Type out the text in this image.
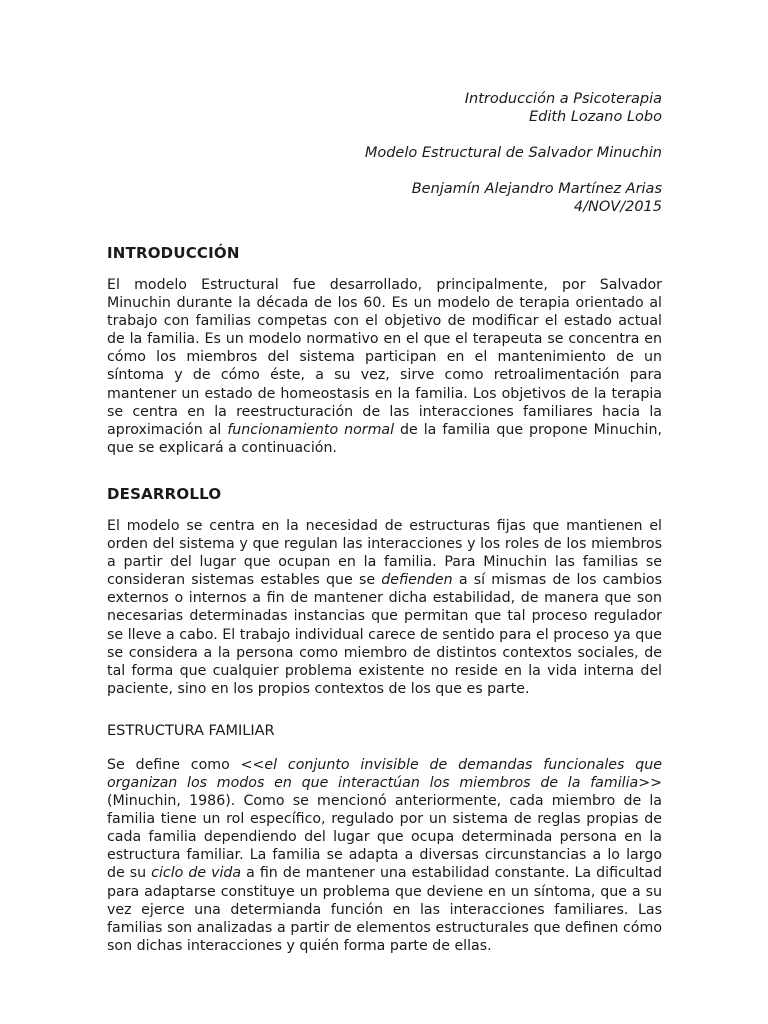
Introducción a Psicoterapia
Edith Lozano Lobo
Modelo Estructural de Salvador Minuchin
Benjamín Alejandro Martínez Arias
4/NOV/2015
INTRODUCCIÓN

El modelo Estructural fue desarrollado, principalmente, por Salvador Minuchin durante la década de los 60. Es un modelo de terapia orientado al trabajo con familias competas con el objetivo de modificar el estado actual de la familia. Es un modelo normativo en el que el terapeuta se concentra en cómo los miembros del sistema participan en el mantenimiento de un síntoma y de cómo éste, a su vez, sirve como retroalimentación para mantener un estado de homeostasis en la familia. Los objetivos de la terapia se centra en la reestructuración de las interacciones familiares hacia la aproximación al funcionamiento normal de la familia que propone Minuchin, que se explicará a continuación.

DESARROLLO

El modelo se centra en la necesidad de estructuras fijas que mantienen el orden del sistema y que regulan las interacciones y los roles de los miembros a partir del lugar que ocupan en la familia. Para Minuchin las familias se consideran sistemas estables que se defienden a sí mismas de los cambios externos o internos a fin de mantener dicha estabilidad, de manera que son necesarias determinadas instancias que permitan que tal proceso regulador se lleve a cabo. El trabajo individual carece de sentido para el proceso ya que se considera a la persona como miembro de distintos contextos sociales, de tal forma que cualquier problema existente no reside en la vida interna del paciente, sino en los propios contextos de los que es parte.

ESTRUCTURA FAMILIAR

Se define como <<el conjunto invisible de demandas funcionales que organizan los modos en que interactúan los miembros de la familia>> (Minuchin, 1986). Como se mencionó anteriormente, cada miembro de la familia tiene un rol específico, regulado por un sistema de reglas propias de cada familia dependiendo del lugar que ocupa determinada persona en la estructura familiar. La familia se adapta a diversas circunstancias a lo largo de su ciclo de vida a fin de mantener una estabilidad constante. La dificultad para adaptarse constituye un problema que deviene en un síntoma, que a su vez ejerce una determianda función en las interacciones familiares. Las familias son analizadas a partir de elementos estructurales que definen cómo son dichas interacciones y quién forma parte de ellas.
